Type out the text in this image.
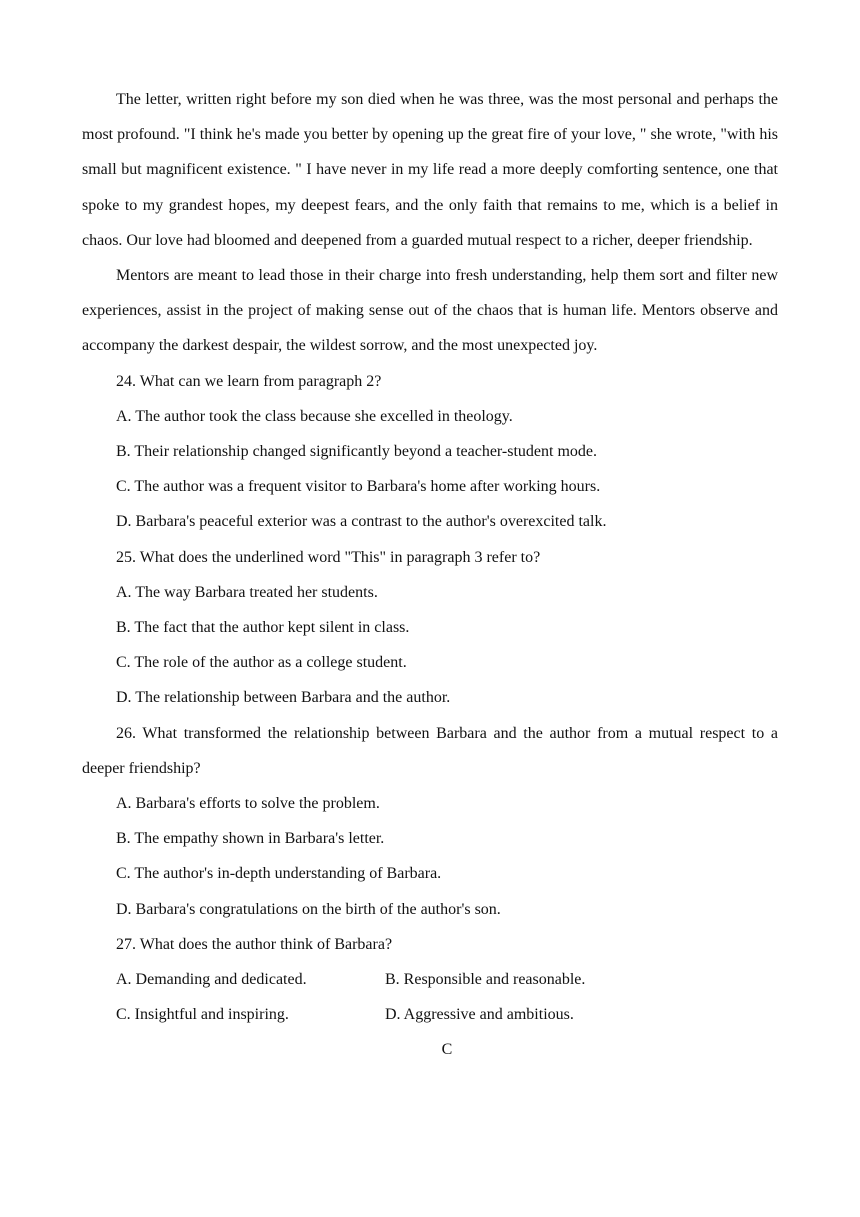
The letter, written right before my son died when he was three, was the most personal and perhaps the most profound. "I think he's made you better by opening up the great fire of your love, " she wrote, "with his small but magnificent existence. " I have never in my life read a more deeply comforting sentence, one that spoke to my grandest hopes, my deepest fears, and the only faith that remains to me, which is a belief in chaos. Our love had bloomed and deepened from a guarded mutual respect to a richer, deeper friendship.

Mentors are meant to lead those in their charge into fresh understanding, help them sort and filter new experiences, assist in the project of making sense out of the chaos that is human life. Mentors observe and accompany the darkest despair, the wildest sorrow, and the most unexpected joy.

24. What can we learn from paragraph 2?

A. The author took the class because she excelled in theology.

B. Their relationship changed significantly beyond a teacher-student mode.

C. The author was a frequent visitor to Barbara's home after working hours.

D. Barbara's peaceful exterior was a contrast to the author's overexcited talk.

25. What does the underlined word "This" in paragraph 3 refer to?

A. The way Barbara treated her students.

B. The fact that the author kept silent in class.

C. The role of the author as a college student.

D. The relationship between Barbara and the author.

26. What transformed the relationship between Barbara and the author from a mutual respect to a deeper friendship?

A. Barbara's efforts to solve the problem.

B. The empathy shown in Barbara's letter.

C. The author's in-depth understanding of Barbara.

D. Barbara's congratulations on the birth of the author's son.

27. What does the author think of Barbara?

A. Demanding and dedicated.	B. Responsible and reasonable.
C. Insightful and inspiring.	D. Aggressive and ambitious.

C
